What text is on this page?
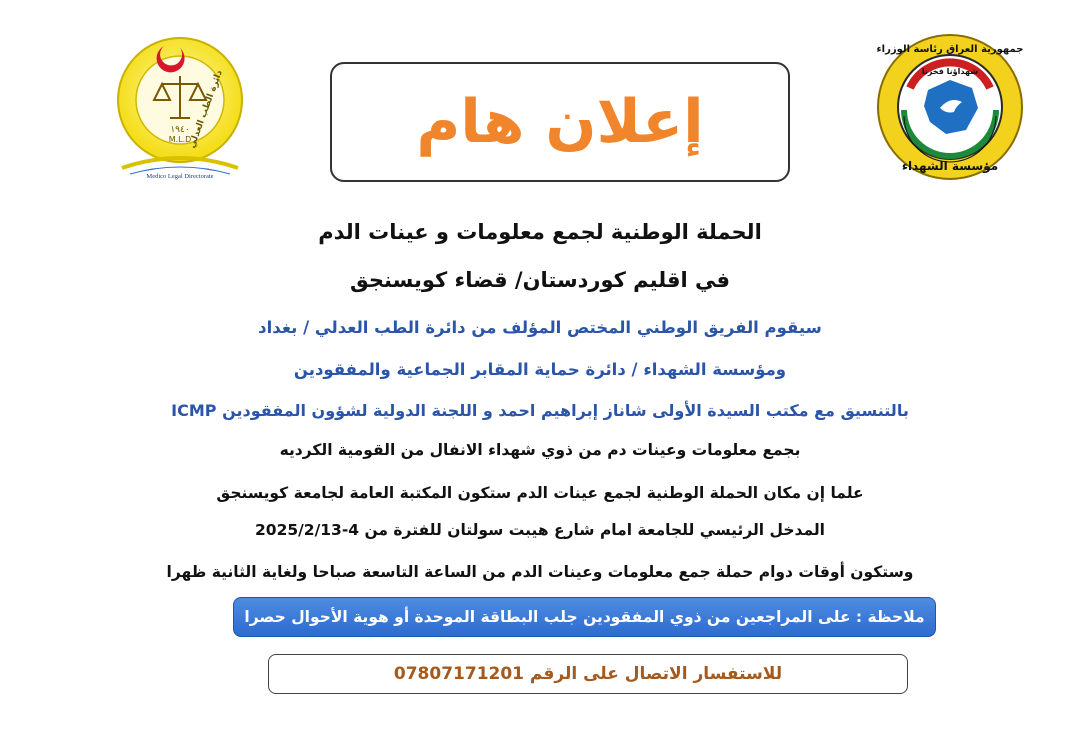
١٩٤٠
M.L.D
دائرة الطب العدلي
Medico Legal Directorate
جمهورية العراق رئاسة الوزراء
شهداؤنا فخرنا
مؤسسة الشهداء
إعلان هام
الحملة الوطنية لجمع معلومات و عينات الدم
في اقليم كوردستان/ قضاء كويسنجق
سيقوم الفريق الوطني المختص المؤلف من دائرة الطب العدلي / بغداد
ومؤسسة الشهداء / دائرة حماية المقابر الجماعية والمفقودين
بالتنسيق مع مكتب السيدة الأولى شاناز إبراهيم احمد و اللجنة الدولية لشؤون المفقودين ICMP
بجمع معلومات وعينات دم من ذوي شهداء الانفال من القومية الكرديه
علما إن مكان الحملة الوطنية لجمع عينات الدم ستكون المكتبة العامة لجامعة كويسنجق
المدخل الرئيسي للجامعة امام شارع هيبت سولتان للفترة من 4-2025/2/13
وستكون أوقات دوام حملة جمع معلومات وعينات الدم من الساعة التاسعة صباحا ولغاية الثانية ظهرا
ملاحظة : على المراجعين من ذوي المفقودين جلب البطاقة الموحدة أو هوية الأحوال حصرا
للاستفسار الاتصال على الرقم 07807171201
